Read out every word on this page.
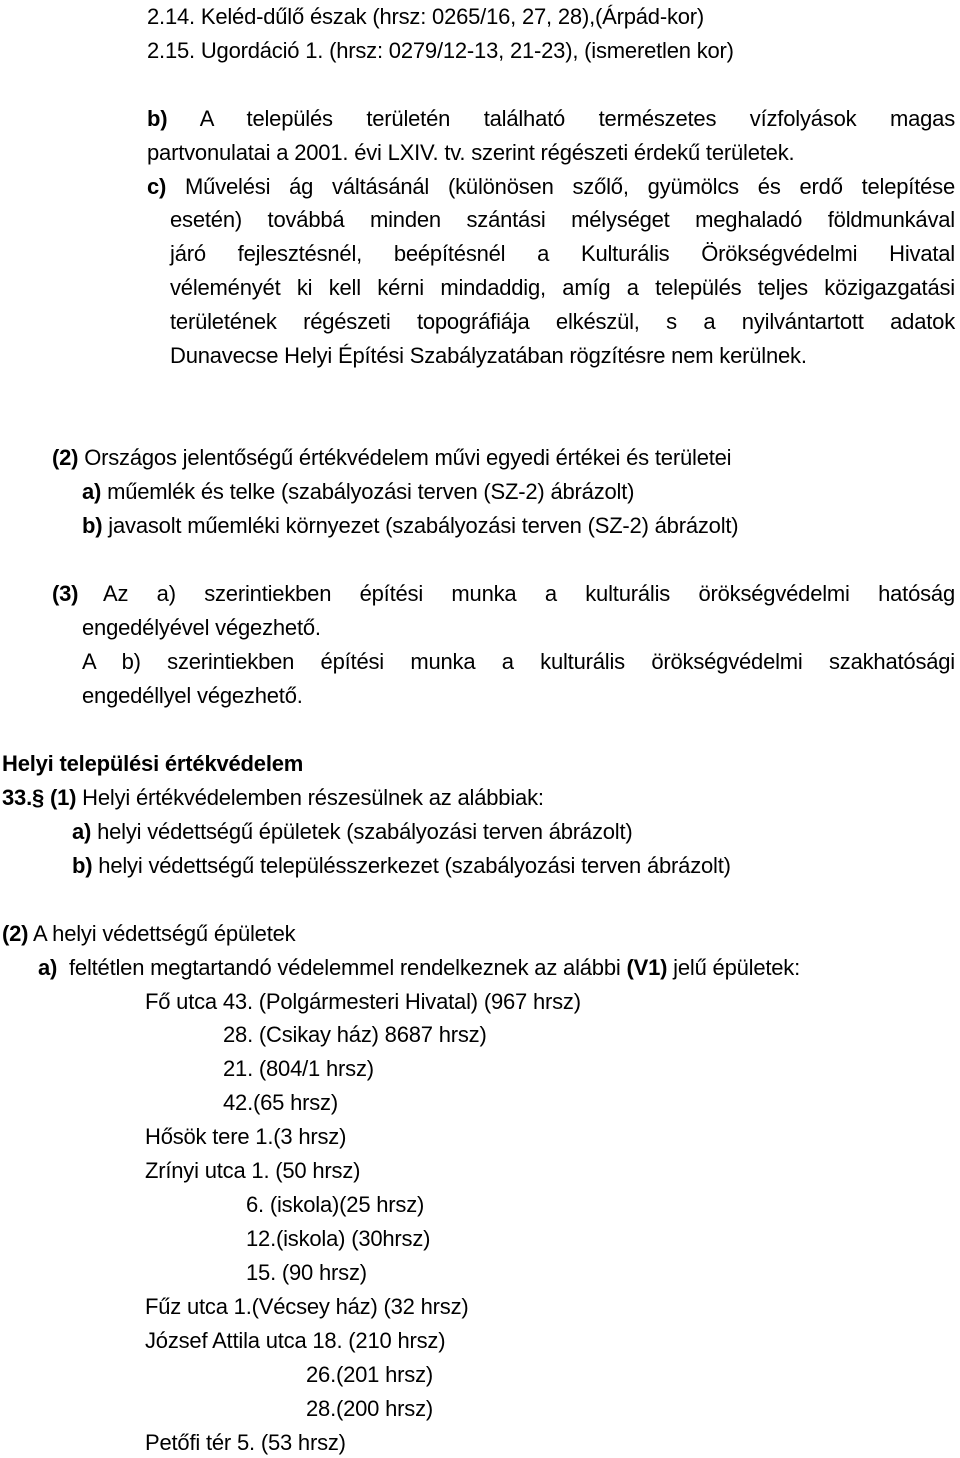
2.14. Keléd-dűlő észak (hrsz: 0265/16, 27, 28),(Árpád-kor)
2.15. Ugordáció 1. (hrsz: 0279/12-13, 21-23), (ismeretlen kor)
b) A település területén található természetes vízfolyások magas
partvonulatai a 2001. évi LXIV. tv. szerint régészeti érdekű területek.
c) Művelési ág váltásánál (különösen szőlő, gyümölcs és erdő telepítése
esetén) továbbá minden szántási mélységet meghaladó földmunkával
járó fejlesztésnél, beépítésnél a Kulturális Örökségvédelmi Hivatal
véleményét ki kell kérni mindaddig, amíg a település teljes közigazgatási
területének régészeti topográfiája elkészül, s a nyilvántartott adatok
Dunavecse Helyi Építési Szabályzatában rögzítésre nem kerülnek.
(2) Országos jelentőségű értékvédelem művi egyedi értékei és területei
a) műemlék és telke (szabályozási terven (SZ-2) ábrázolt)
b) javasolt műemléki környezet (szabályozási terven (SZ-2) ábrázolt)
(3) Az a) szerintiekben építési munka a kulturális örökségvédelmi hatóság
engedélyével végezhető.
A b) szerintiekben építési munka a kulturális örökségvédelmi szakhatósági
engedéllyel végezhető.
Helyi települési értékvédelem
33.§ (1) Helyi értékvédelemben részesülnek az alábbiak:
a) helyi védettségű épületek (szabályozási terven ábrázolt)
b) helyi védettségű településszerkezet (szabályozási terven ábrázolt)
(2) A helyi védettségű épületek
a) feltétlen megtartandó védelemmel rendelkeznek az alábbi (V1) jelű épületek:
Fő utca 43. (Polgármesteri Hivatal) (967 hrsz)
28. (Csikay ház) 8687 hrsz)
21. (804/1 hrsz)
42.(65 hrsz)
Hősök tere 1.(3 hrsz)
Zrínyi utca 1. (50 hrsz)
6. (iskola)(25 hrsz)
12.(iskola) (30hrsz)
15. (90 hrsz)
Fűz utca 1.(Vécsey ház) (32 hrsz)
József Attila utca 18. (210 hrsz)
26.(201 hrsz)
28.(200 hrsz)
Petőfi tér 5. (53 hrsz)
